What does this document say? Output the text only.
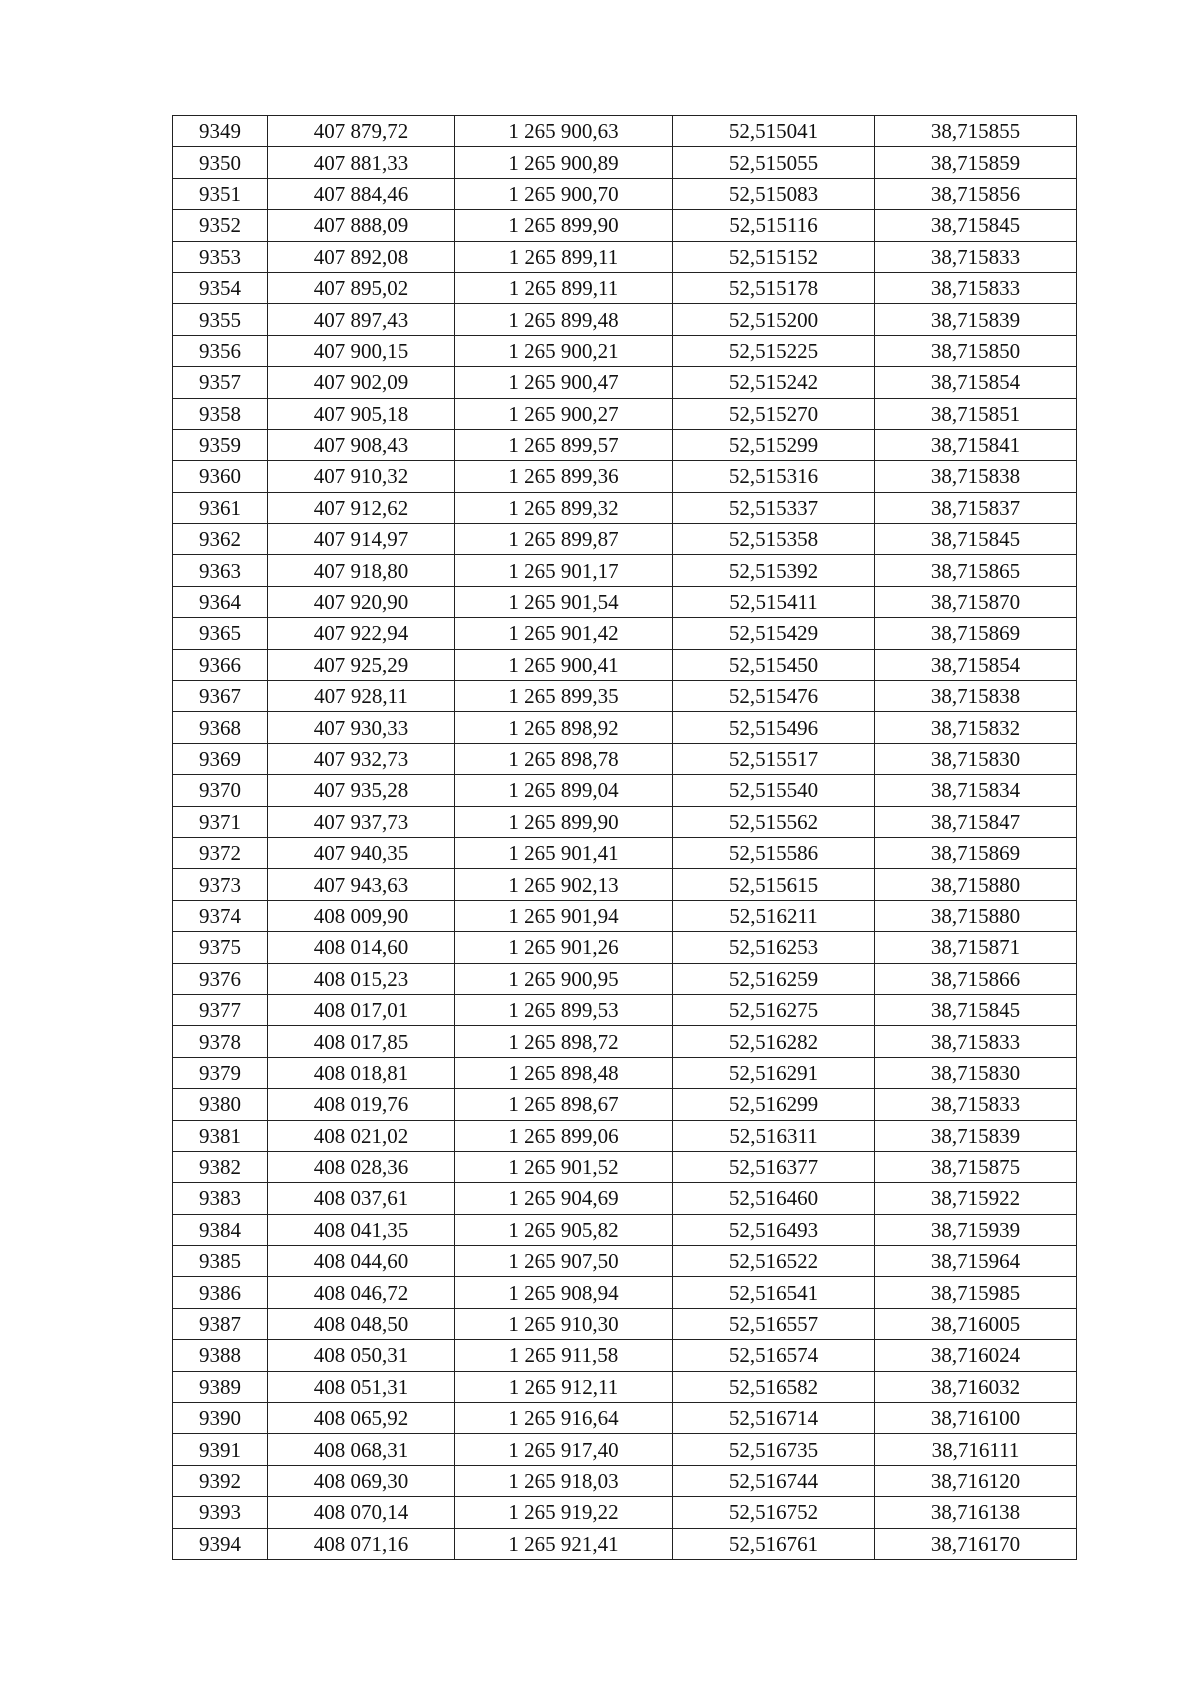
9349	407 879,72	1 265 900,63	52,515041	38,715855
9350	407 881,33	1 265 900,89	52,515055	38,715859
9351	407 884,46	1 265 900,70	52,515083	38,715856
9352	407 888,09	1 265 899,90	52,515116	38,715845
9353	407 892,08	1 265 899,11	52,515152	38,715833
9354	407 895,02	1 265 899,11	52,515178	38,715833
9355	407 897,43	1 265 899,48	52,515200	38,715839
9356	407 900,15	1 265 900,21	52,515225	38,715850
9357	407 902,09	1 265 900,47	52,515242	38,715854
9358	407 905,18	1 265 900,27	52,515270	38,715851
9359	407 908,43	1 265 899,57	52,515299	38,715841
9360	407 910,32	1 265 899,36	52,515316	38,715838
9361	407 912,62	1 265 899,32	52,515337	38,715837
9362	407 914,97	1 265 899,87	52,515358	38,715845
9363	407 918,80	1 265 901,17	52,515392	38,715865
9364	407 920,90	1 265 901,54	52,515411	38,715870
9365	407 922,94	1 265 901,42	52,515429	38,715869
9366	407 925,29	1 265 900,41	52,515450	38,715854
9367	407 928,11	1 265 899,35	52,515476	38,715838
9368	407 930,33	1 265 898,92	52,515496	38,715832
9369	407 932,73	1 265 898,78	52,515517	38,715830
9370	407 935,28	1 265 899,04	52,515540	38,715834
9371	407 937,73	1 265 899,90	52,515562	38,715847
9372	407 940,35	1 265 901,41	52,515586	38,715869
9373	407 943,63	1 265 902,13	52,515615	38,715880
9374	408 009,90	1 265 901,94	52,516211	38,715880
9375	408 014,60	1 265 901,26	52,516253	38,715871
9376	408 015,23	1 265 900,95	52,516259	38,715866
9377	408 017,01	1 265 899,53	52,516275	38,715845
9378	408 017,85	1 265 898,72	52,516282	38,715833
9379	408 018,81	1 265 898,48	52,516291	38,715830
9380	408 019,76	1 265 898,67	52,516299	38,715833
9381	408 021,02	1 265 899,06	52,516311	38,715839
9382	408 028,36	1 265 901,52	52,516377	38,715875
9383	408 037,61	1 265 904,69	52,516460	38,715922
9384	408 041,35	1 265 905,82	52,516493	38,715939
9385	408 044,60	1 265 907,50	52,516522	38,715964
9386	408 046,72	1 265 908,94	52,516541	38,715985
9387	408 048,50	1 265 910,30	52,516557	38,716005
9388	408 050,31	1 265 911,58	52,516574	38,716024
9389	408 051,31	1 265 912,11	52,516582	38,716032
9390	408 065,92	1 265 916,64	52,516714	38,716100
9391	408 068,31	1 265 917,40	52,516735	38,716111
9392	408 069,30	1 265 918,03	52,516744	38,716120
9393	408 070,14	1 265 919,22	52,516752	38,716138
9394	408 071,16	1 265 921,41	52,516761	38,716170
